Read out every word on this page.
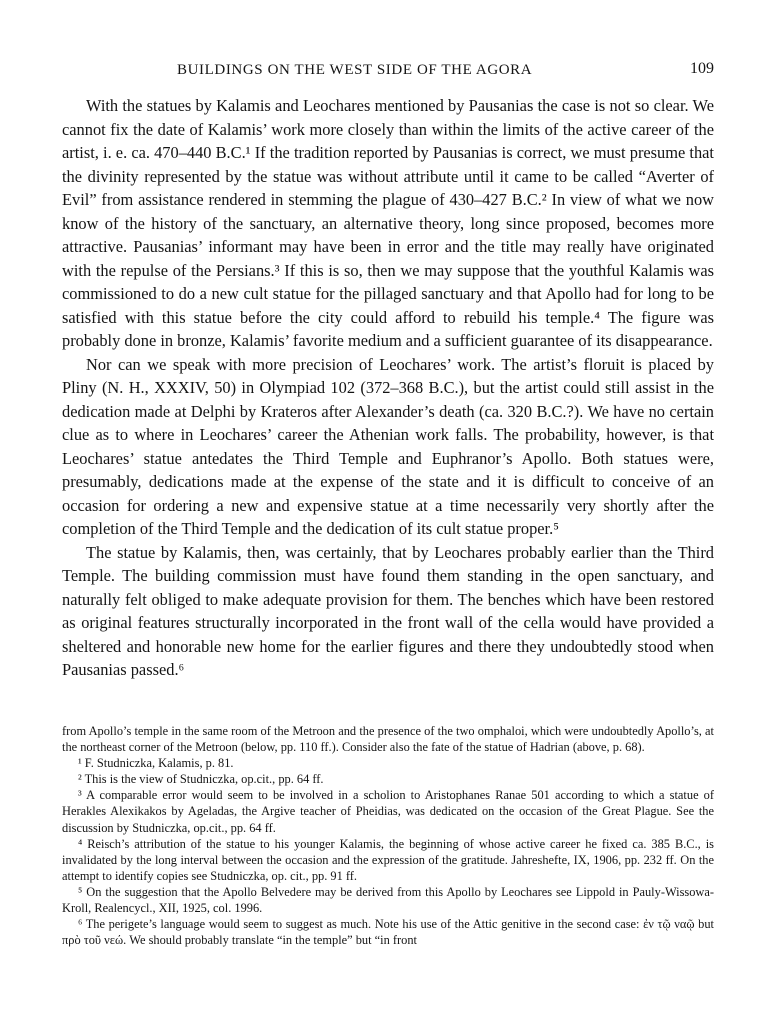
BUILDINGS ON THE WEST SIDE OF THE AGORA	109

With the statues by Kalamis and Leochares mentioned by Pausanias the case is not so clear. We cannot fix the date of Kalamis’ work more closely than within the limits of the active career of the artist, i. e. ca. 470–440 B.C.¹ If the tradition reported by Pausanias is correct, we must presume that the divinity represented by the statue was without attribute until it came to be called “Averter of Evil” from assistance rendered in stemming the plague of 430–427 B.C.² In view of what we now know of the history of the sanctuary, an alternative theory, long since proposed, becomes more attractive. Pausanias’ informant may have been in error and the title may really have originated with the repulse of the Persians.³ If this is so, then we may suppose that the youthful Kalamis was commissioned to do a new cult statue for the pillaged sanctuary and that Apollo had for long to be satisfied with this statue before the city could afford to rebuild his temple.⁴ The figure was probably done in bronze, Kalamis’ favorite medium and a sufficient guarantee of its disappearance.

Nor can we speak with more precision of Leochares’ work. The artist’s floruit is placed by Pliny (N. H., XXXIV, 50) in Olympiad 102 (372–368 B.C.), but the artist could still assist in the dedication made at Delphi by Krateros after Alexander’s death (ca. 320 B.C.?). We have no certain clue as to where in Leochares’ career the Athenian work falls. The probability, however, is that Leochares’ statue antedates the Third Temple and Euphranor’s Apollo. Both statues were, presumably, dedications made at the expense of the state and it is difficult to conceive of an occasion for ordering a new and expensive statue at a time necessarily very shortly after the completion of the Third Temple and the dedication of its cult statue proper.⁵

The statue by Kalamis, then, was certainly, that by Leochares probably earlier than the Third Temple. The building commission must have found them standing in the open sanctuary, and naturally felt obliged to make adequate provision for them. The benches which have been restored as original features structurally incorporated in the front wall of the cella would have provided a sheltered and honorable new home for the earlier figures and there they undoubtedly stood when Pausanias passed.⁶

from Apollo’s temple in the same room of the Metroon and the presence of the two omphaloi, which were undoubtedly Apollo’s, at the northeast corner of the Metroon (below, pp. 110 ff.). Consider also the fate of the statue of Hadrian (above, p. 68).

¹ F. Studniczka, Kalamis, p. 81.

² This is the view of Studniczka, op.cit., pp. 64 ff.

³ A comparable error would seem to be involved in a scholion to Aristophanes Ranae 501 according to which a statue of Herakles Alexikakos by Ageladas, the Argive teacher of Pheidias, was dedicated on the occasion of the Great Plague. See the discussion by Studniczka, op.cit., pp. 64 ff.

⁴ Reisch’s attribution of the statue to his younger Kalamis, the beginning of whose active career he fixed ca. 385 B.C., is invalidated by the long interval between the occasion and the expression of the gratitude. Jahreshefte, IX, 1906, pp. 232 ff. On the attempt to identify copies see Studniczka, op. cit., pp. 91 ff.

⁵ On the suggestion that the Apollo Belvedere may be derived from this Apollo by Leochares see Lippold in Pauly-Wissowa-Kroll, Realencycl., XII, 1925, col. 1996.

⁶ The perigete’s language would seem to suggest as much. Note his use of the Attic genitive in the second case: ἐν τῷ ναῷ but πρὸ τοῦ νεώ. We should probably translate “in the temple” but “in front
